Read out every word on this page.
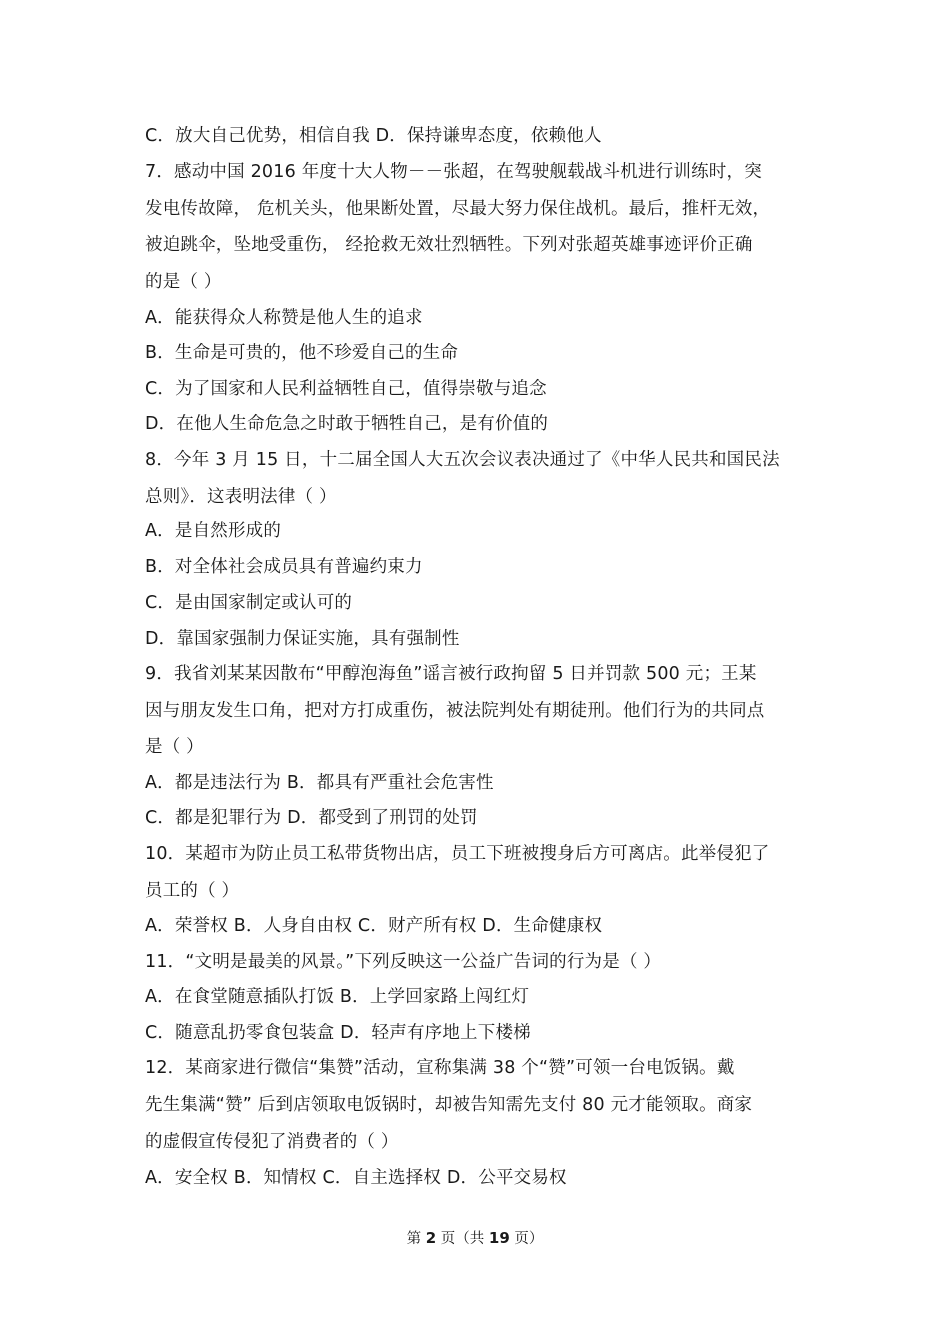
C．放大自己优势，相信自我 D．保持谦卑态度，依赖他人
7．感动中国 2016 年度十大人物－－张超，在驾驶舰载战斗机进行训练时，突
发电传故障， 危机关头，他果断处置，尽最大努力保住战机。最后，推杆无效，
被迫跳伞，坠地受重伤， 经抢救无效壮烈牺牲。下列对张超英雄事迹评价正确
的是（ ）
A．能获得众人称赞是他人生的追求
B．生命是可贵的，他不珍爱自己的生命
C．为了国家和人民利益牺牲自己，值得崇敬与追念
D．在他人生命危急之时敢于牺牲自己，是有价值的
8．今年 3 月 15 日，十二届全国人大五次会议表决通过了《中华人民共和国民法
总则》．这表明法律（ ）
A．是自然形成的
B．对全体社会成员具有普遍约束力
C．是由国家制定或认可的
D．靠国家强制力保证实施，具有强制性
9．我省刘某某因散布“甲醇泡海鱼”谣言被行政拘留 5 日并罚款 500 元；王某
因与朋友发生口角，把对方打成重伤，被法院判处有期徒刑。他们行为的共同点
是（ ）
A．都是违法行为 B．都具有严重社会危害性
C．都是犯罪行为 D．都受到了刑罚的处罚
10．某超市为防止员工私带货物出店，员工下班被搜身后方可离店。此举侵犯了
员工的（ ）
A．荣誉权 B．人身自由权 C．财产所有权 D．生命健康权
11．“文明是最美的风景。”下列反映这一公益广告词的行为是（ ）
A．在食堂随意插队打饭 B．上学回家路上闯红灯
C．随意乱扔零食包装盒 D．轻声有序地上下楼梯
12．某商家进行微信“集赞”活动，宣称集满 38 个“赞”可领一台电饭锅。戴
先生集满“赞” 后到店领取电饭锅时，却被告知需先支付 80 元才能领取。商家
的虚假宣传侵犯了消费者的（ ）
A．安全权 B．知情权 C．自主选择权 D．公平交易权
第 2 页（共 19 页）
